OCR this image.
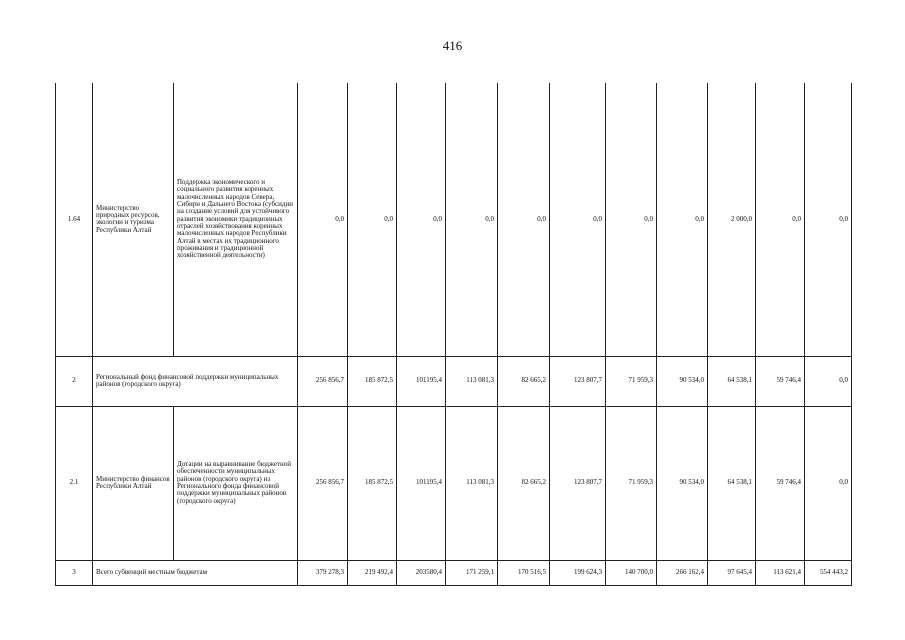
416
1.64	Министерство природных ресурсов, экологии и туризма Республики Алтай	Поддержка экономического и социального развития коренных малочисленных народов Севера, Сибири и Дальнего Востока (субсидии на создание условий для устойчивого развития экономики традиционных отраслей хозяйствования коренных малочисленных народов Республики Алтай в местах их традиционного проживания и традиционной хозяйственной деятельности)	0,0	0,0	0,0	0,0	0,0	0,0	0,0	0,0	2 000,0	0,0	0,0
2	Региональный фонд финансовой поддержки муниципальных районов (городского округа)		256 856,7	185 872,5	101195,4	113 081,3	82 665,2	123 807,7	71 959,3	90 534,0	64 538,1	59 746,4	0,0
2.1	Министерство финансов Республики Алтай	Дотации на выравнивание бюджетной обеспеченности муниципальных районов (городского округа) из Регионального фонда финансовой поддержки муниципальных районов (городского округа)	256 856,7	185 872,5	101195,4	113 081,3	82 665,2	123 807,7	71 959,3	90 534,0	64 538,1	59 746,4	0,0
3	Всего субвенций местным бюджетам		379 278,3	219 492,4	203580,4	171 259,1	170 516,5	199 624,3	140 700,0	266 162,4	97 645,4	113 621,4	554 443,2
